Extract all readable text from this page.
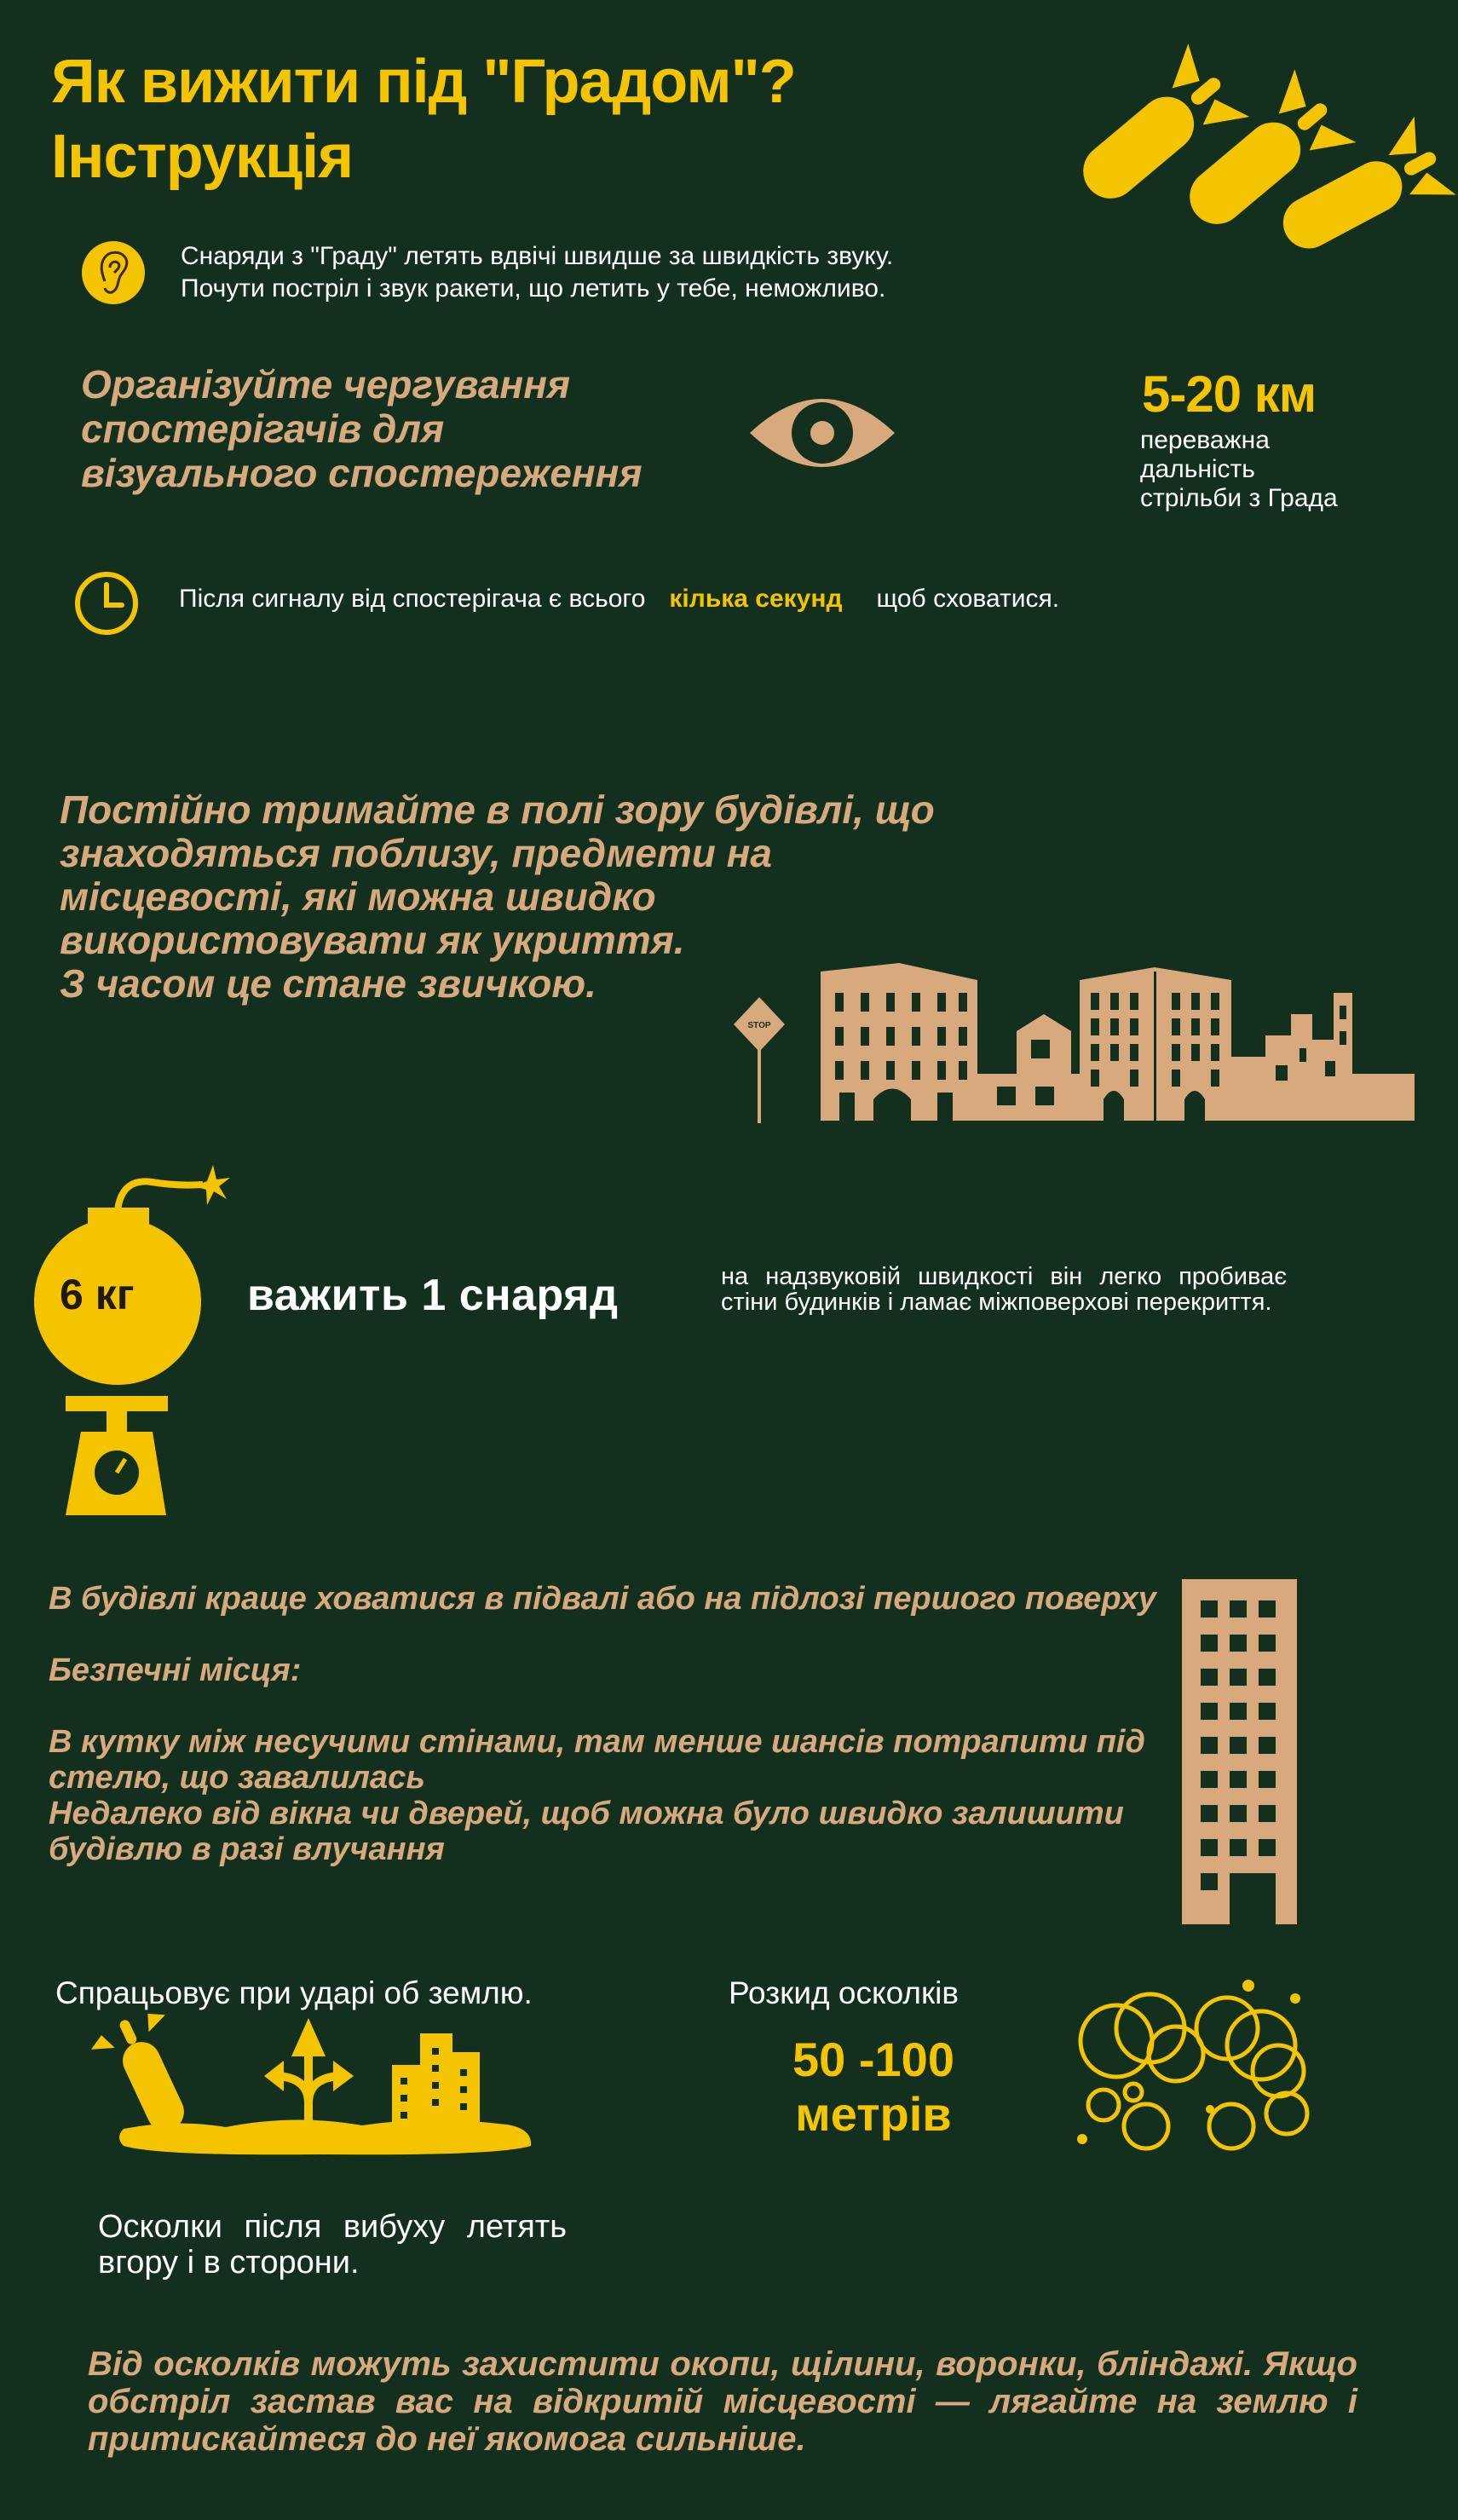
Як вижити під "Градом"?
Інструкція
Снаряди з "Граду" летять вдвічі швидше за швидкість звуку.
Почути постріл і звук ракети, що летить у тебе, неможливо.
Організуйте чергування
спостерігачів для
візуального спостереження
5-20 км
переважна
дальність
стрільби з Града
Після сигналу від спостерігача є всього кілька секунд щоб сховатися.
Постійно тримайте в полі зору будівлі, що
знаходяться поблизу, предмети на
місцевості, які можна швидко
використовувати як укриття.
З часом це стане звичкою.
STOP
6 кг	важить 1 снаряд	на надзвуковій швидкості він легко пробиває стіни будинків і ламає міжповерхові перекриття.

В будівлі краще ховатися в підвалі або на підлозі першого поверху

Безпечні місця:

В кутку між несучими стінами, там менше шансів потрапити під стелю, що завалилась

Недалеко від вікна чи дверей, щоб можна було швидко залишити будівлю в разі влучання

Спрацьовує при ударі об землю.
Осколки після вибуху летять вгору і в сторони.
Розкид осколків
50 -100
метрів
Від осколків можуть захистити окопи, щілини, воронки, бліндажі. Якщо обстріл застав вас на відкритій місцевості — лягайте на землю і притискайтеся до неї якомога сильніше.
